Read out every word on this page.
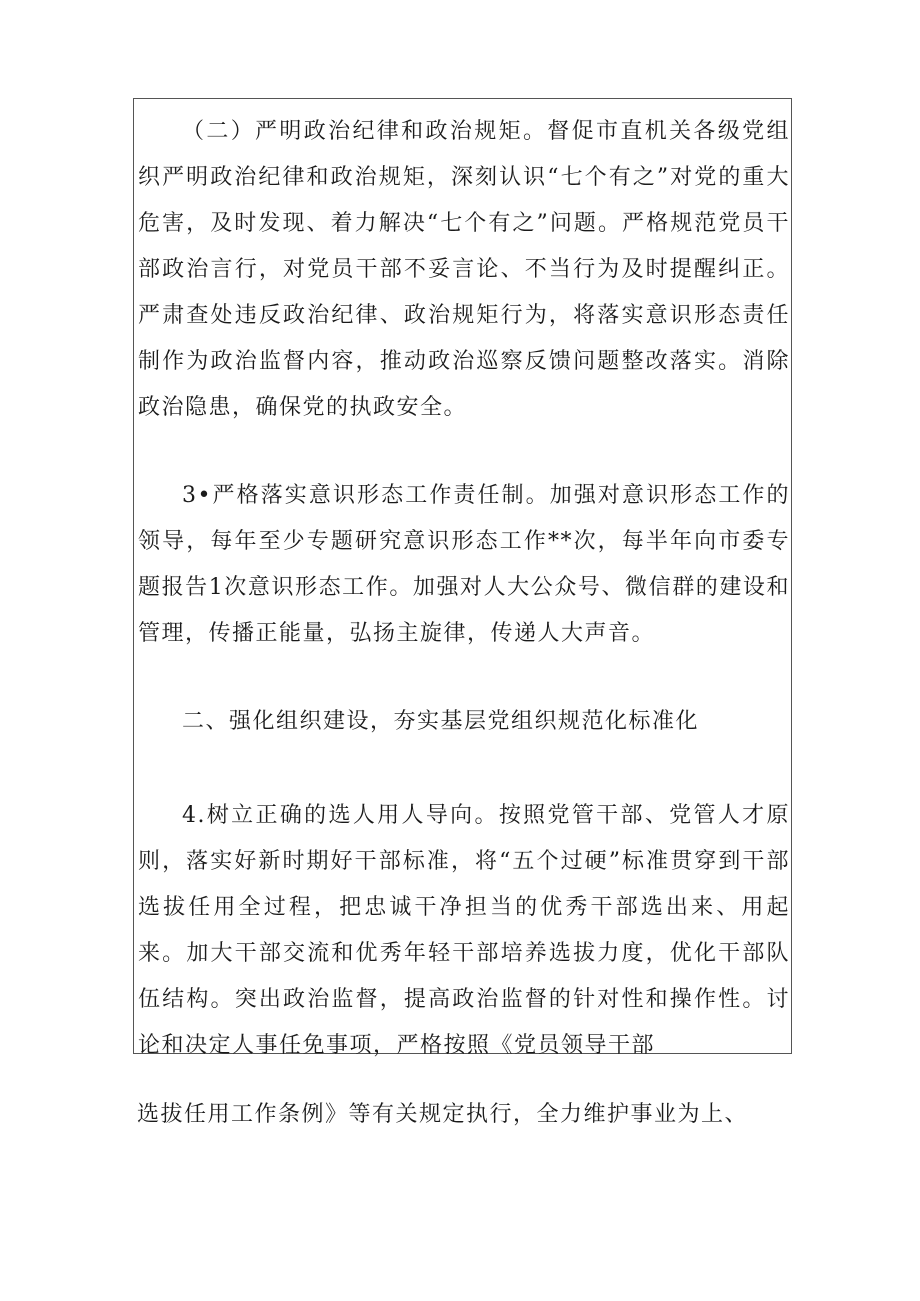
（二）严明政治纪律和政治规矩。督促市直机关各级党组织严明政治纪律和政治规矩，深刻认识“七个有之”对党的重大危害，及时发现、着力解决“七个有之”问题。严格规范党员干部政治言行，对党员干部不妥言论、不当行为及时提醒纠正。严肃查处违反政治纪律、政治规矩行为，将落实意识形态责任制作为政治监督内容，推动政治巡察反馈问题整改落实。消除政治隐患，确保党的执政安全。

3•严格落实意识形态工作责任制。加强对意识形态工作的领导，每年至少专题研究意识形态工作**次，每半年向市委专题报告1次意识形态工作。加强对人大公众号、微信群的建设和管理，传播正能量，弘扬主旋律，传递人大声音。

二、强化组织建设，夯实基层党组织规范化标准化

4.树立正确的选人用人导向。按照党管干部、党管人才原则，落实好新时期好干部标准，将“五个过硬”标准贯穿到干部选拔任用全过程，把忠诚干净担当的优秀干部选出来、用起来。加大干部交流和优秀年轻干部培养选拔力度，优化干部队伍结构。突出政治监督，提高政治监督的针对性和操作性。讨论和决定人事任免事项，严格按照《党员领导干部

选拔任用工作条例》等有关规定执行，全力维护事业为上、
